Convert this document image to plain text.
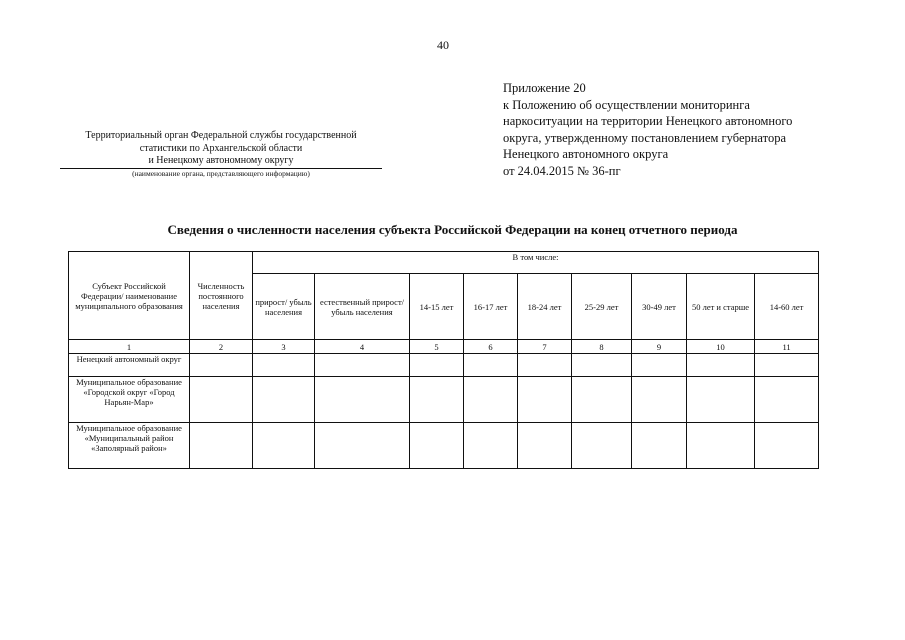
40
Приложение 20
к Положению об осуществлении мониторинга
наркоситуации на территории Ненецкого автономного
округа, утвержденному постановлением губернатора
Ненецкого автономного округа
от 24.04.2015 № 36-пг
Территориальный орган Федеральной службы государственной
статистики по Архангельской области
и Ненецкому автономному округу
(наименование органа, представляющего информацию)
Сведения о численности населения субъекта Российской Федерации на конец отчетного периода
Субъект Российской Федерации/ наименование муниципального образования	Численность постоянного населения	В том числе:								
		прирост/ убыль населения	естественный прирост/убыль населения	14-15 лет	16-17 лет	18-24 лет	25-29 лет	30-49 лет	50 лет и старше	14-60 лет
1	2	3	4	5	6	7	8	9	10	11
Ненецкий автономный округ										
Муниципальное образование «Городской округ «Город Нарьян-Мар»										
Муниципальное образование «Муниципальный район «Заполярный район»										
